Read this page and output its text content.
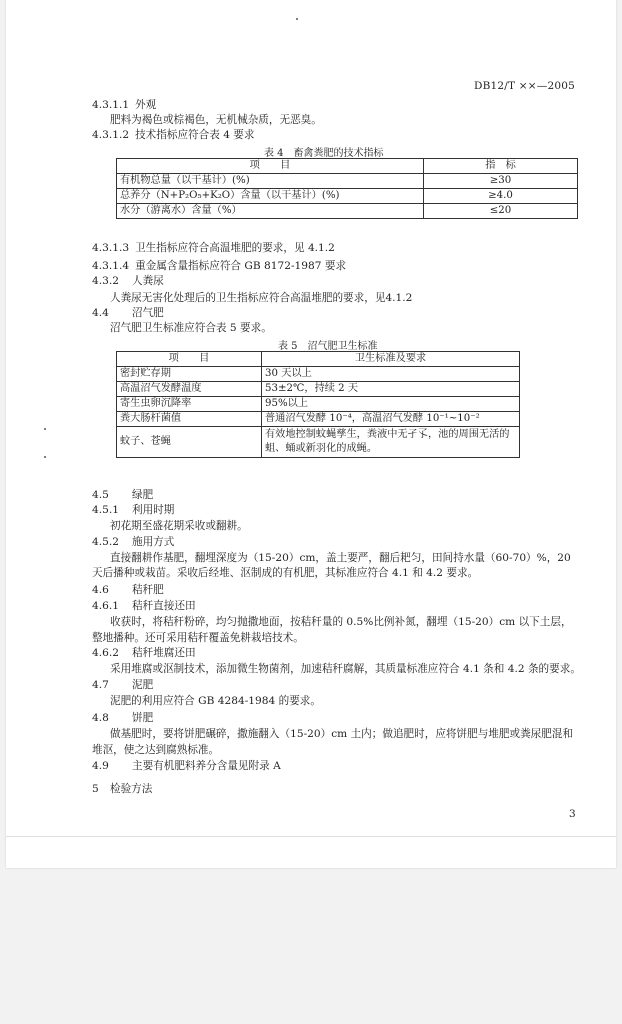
DB12/T ××—2005
4.3.1.1 外观
肥料为褐色或棕褐色，无机械杂质，无恶臭。
4.3.1.2 技术指标应符合表 4 要求
表 4　畜禽粪肥的技术指标
项　　目	指　标
有机物总量（以干基计）(%)	≥30
总养分（N+P₂O₅+K₂O）含量（以干基计）(%)	≥4.0
水分（游离水）含量（%）	≤20
4.3.1.3 卫生指标应符合高温堆肥的要求，见 4.1.2
4.3.1.4 重金属含量指标应符合 GB 8172-1987 要求
4.3.2 人粪尿
人粪尿无害化处理后的卫生指标应符合高温堆肥的要求，见4.1.2
4.4 沼气肥
沼气肥卫生标准应符合表 5 要求。
表 5　沼气肥卫生标准
项　　目	卫生标准及要求
密封贮存期	30 天以上
高温沼气发酵温度	53±2℃，持续 2 天
寄生虫卵沉降率	95%以上
粪大肠杆菌值	普通沼气发酵 10⁻⁴，高温沼气发酵 10⁻¹~10⁻²
蚊子、苍蝇	有效地控制蚊蝇孳生，粪液中无孑孓，池的周围无活的蛆、蛹或新羽化的成蝇。
4.5 绿肥
4.5.1 利用时期
初花期至盛花期采收或翻耕。
4.5.2 施用方式
直接翻耕作基肥，翻埋深度为（15-20）cm，盖土要严，翻后耙匀，田间持水量（60-70）%，20
天后播种或栽苗。采收后经堆、沤制成的有机肥，其标准应符合 4.1 和 4.2 要求。
4.6 秸秆肥
4.6.1 秸秆直接还田
收获时，将秸秆粉碎，均匀抛撒地面，按秸秆量的 0.5%比例补氮，翻埋（15-20）cm 以下土层，
整地播种。还可采用秸秆覆盖免耕栽培技术。
4.6.2 秸秆堆腐还田
采用堆腐或沤制技术，添加微生物菌剂，加速秸秆腐解，其质量标准应符合 4.1 条和 4.2 条的要求。
4.7 泥肥
泥肥的利用应符合 GB 4284-1984 的要求。
4.8 饼肥
做基肥时，要将饼肥碾碎，撒施翻入（15-20）cm 土内；做追肥时，应将饼肥与堆肥或粪尿肥混和
堆沤，使之达到腐熟标准。
4.9 主要有机肥料养分含量见附录 A
5 检验方法
3
